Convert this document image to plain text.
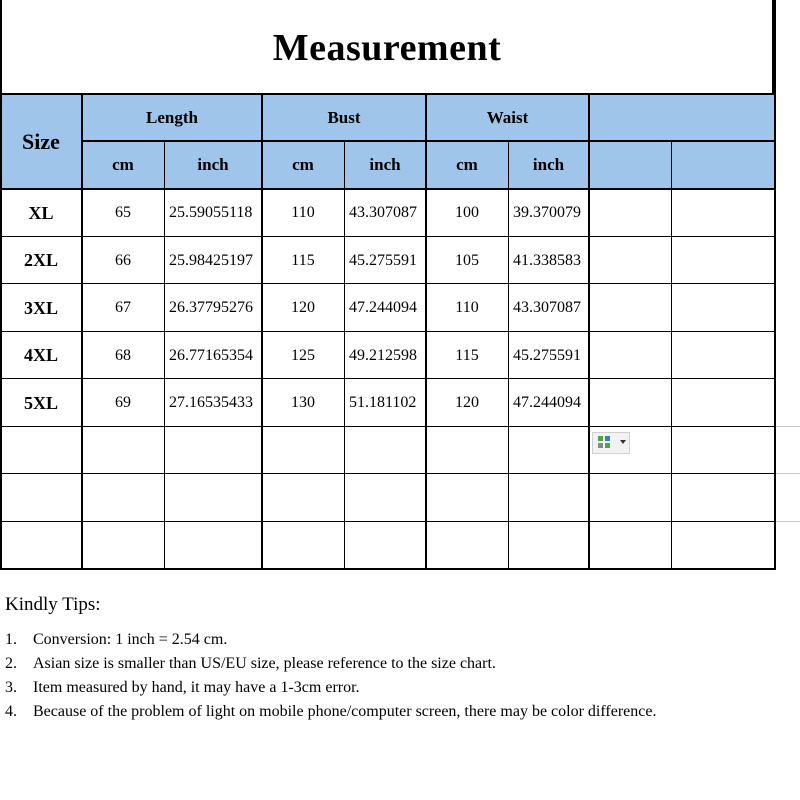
Measurement
Size
Length	Bust	Waist
cm	inch	cm	inch	cm	inch
XL	65	25.59055118	110	43.307087	100	39.370079
2XL	66	25.98425197	115	45.275591	105	41.338583
3XL	67	26.37795276	120	47.244094	110	43.307087
4XL	68	26.77165354	125	49.212598	115	45.275591
5XL	69	27.16535433	130	51.181102	120	47.244094
Kindly Tips:
1. Conversion: 1 inch = 2.54 cm.
2. Asian size is smaller than US/EU size, please reference to the size chart.
3. Item measured by hand, it may have a 1-3cm error.
4. Because of the problem of light on mobile phone/computer screen, there may be color difference.
